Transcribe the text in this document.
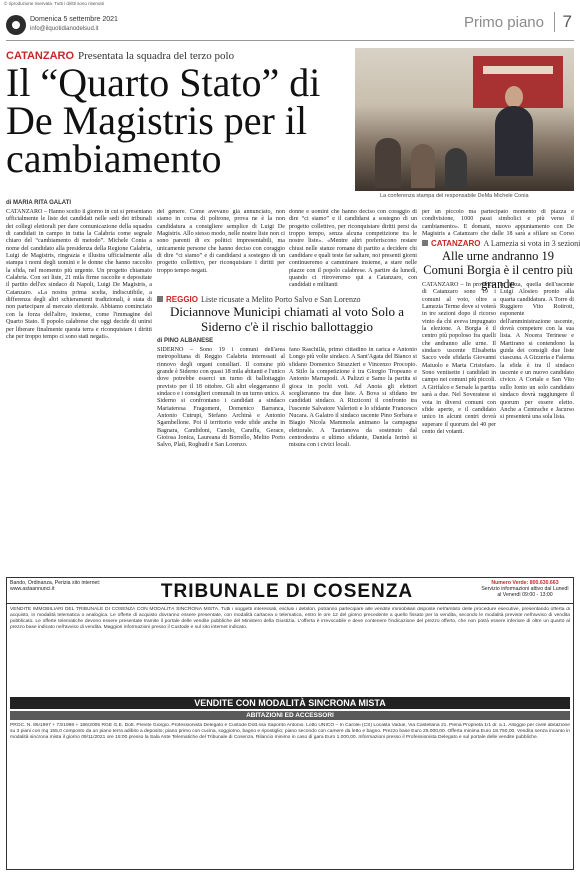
© riproduzione riservata. Tutti i diritti sono riservati
Domenica 5 settembre 2021
info@ilquotidianodelsud.it	Primo piano	7
CATANZARO Presentata la squadra del terzo polo
Il “Quarto Stato” di De Magistris per il cambiamento
La conferenza stampa del responsabile DeMa Michele Conia
di MARIA RITA GALATI
CATANZARO – Hanno scelto il giorno in cui si presentano ufficialmente le liste dei candidati nelle sedi dei tribunali dei collegi elettorali per dare comunicazione della squadra di candidati in campo in tutta la Calabria come segnale chiaro del “cambiamento di metodo”. Michele Conia a nome del candidato alla presidenza della Regione Calabria, Luigi de Magistris, ringrazia e illustra ufficialmente alla stampa i nomi degli uomini e le donne che hanno raccolto la sfida, nel momento più urgente. Un progetto chiamato Calabria. Con sei liste, 21 mila firme raccolte e depositate il partito dell'ex sindaco di Napoli, Luigi De Magistris, a Catanzaro. «La nostra prima scelta, indiscutibile, a differenza degli altri schieramenti tradizionali, è stata di non partecipare al mercato elettorale. Abbiamo cominciato con la forza dell'altro, insieme, come l'immagine del Quarto Stato. Il popolo calabrese che oggi decide di unirsi per liberare finalmente questa terra e riconquistare i diritti che per troppo tempo ci sono stati negati».
del genere. Come avevano già annunciato, non siamo in corsa di poltrone, prova ne è la non candidatura a consigliere semplice di Luigi De Magistris. Allo stesso modo, nelle nostre liste non ci sono parenti di ex politici impresentabili, ma unicamente persone che hanno deciso con coraggio di dire “ci siamo” e di candidarsi a sostegno di un progetto collettivo, per riconquistare i diritti per troppo tempo negati.
donne e uomini che hanno deciso con coraggio di dire “ci siamo” e il candidarsi a sostegno di un progetto collettivo, per riconquistare diritti persi da troppo tempo, senza alcuna competizione tra le nostre liste». «Mentre altri preferiscono restare chiusi nelle stanze romane di partito a decidere chi candidare e quali teste far saltare, noi presenti giorni continueremo a camminare insieme, a stare nelle piazze con il popolo calabrese. A partire da lunedì, quando ci ritroveremo qui a Catanzaro, con candidati e militanti
per un piccolo ma partecipato momento di piazza e condivisione, 1000 passi simbolici e più verso il cambiamento». E domani, nuovo appuntamento con De Magistris a Catanzaro che dalle 18 sarà a sfilare su Corso
REGGIO Liste ricusate a Melito Porto Salvo e San Lorenzo
Diciannove Municipi chiamati al voto Solo a Siderno c'è il rischio ballottaggio
di PINO ALBANESE
SIDERNO – Sono 19 i comuni dell'area metropolitana di Reggio Calabria interessati al rinnovo degli organi consiliari. Il comune più grande è Siderno con quasi 18 mila abitanti e l'unico dove potrebbe esserci un turno di ballottaggio previsto per il 18 ottobre. Gli altri eleggeranno il sindaco e i consiglieri comunali in un turno unico. A Siderno si confrontano i candidati a sindaco Mariateresa Fragomeni, Domenico Barranca, Antonio Cutrupi, Stefano Archinà e Antonio Sgambellone. Poi il territorio vede sfide anche in Bagnara, Candidoni, Canolo, Caraffa, Gerace, Gioiosa Jonica, Laureana di Borrello, Melito Porto Salvo, Platì, Roghudi e San Lorenzo.
fano Raschillà, primo cittadino in carica e Antonio Longo più volte sindaco. A Sant'Agata del Bianco si sfidano Domenico Strazzieri e Vincenzo Procopio. A Stilo la competizione è tra Giorgio Tropeano e Antonio Marrapodi. A Palizzi e Samo la partita si gioca in pochi voti. Ad Anoia gli elettori sceglieranno tra due liste. A Bova si sfidano tre candidati sindaco. A Rizziconi il confronto tra l'uscente Salvatore Valerioti e lo sfidante Francesco Nucara. A Galatro il sindaco uscente Pino Sorbara e Biagio Nicola Mammola animano la campagna elettorale. A Taurianova da sostenuto dal centrodestra e ultimo sfidante, Daniela Ierinò si misura con i civici locali.
CATANZARO A Lamezia si vota in 3 sezioni
Alle urne andranno 19 Comuni Borgia è il centro più grande
CATANZARO – In provincia di Catanzaro sono 19 i comuni al voto, oltre a Lamezia Terme dove si voterà in tre sezioni dopo il ricorso vinto da chi aveva impugnato la elezione. A Borgia è il centro più popoloso fra quelli che andranno alle urne. Il sindaco uscente Elisabetta Sacco vede sfidarla Giovanni Maiuolo e Marta Cristofaro. Sono ventisette i candidati in campo nei comuni più piccoli. A Girifalco e Sersale la partita sarà a due. Nel Soveratese si vota in diversi comuni con sfide aperte, e il candidato unico in alcuni centri dovrà superare il quorum del 40 per cento dei votanti.
in lizza, quella dell'uscente Luigi Alosieo pronto alla quarta candidatura. A Torre di Ruggiero Vito Rotiroti, esponente dell'amministrazione uscente, dovrà competere con la sua lista. A Nocera Terinese e Martirano si contendono la guida dei consigli due liste ciascuna. A Gizzeria e Falerna la sfida è tra il sindaco uscente e un nuovo candidato civico. A Cortale e San Vito sullo Ionio un solo candidato sindaco dovrà raggiungere il quorum per essere eletto. Anche a Centrache e Jacurso si presenterà una sola lista.
Bando, Ordinanza, Perizia sito internet: www.astaannunci.it	TRIBUNALE DI COSENZA	Numero Verde: 800.630.663
Servizio informazioni attivo dal Lunedì al Venerdì 09:00 - 13:00
VENDITE IMMOBILIARI DEL TRIBUNALE DI COSENZA CON MODALITÀ SINCRONA MISTA. Tutti i soggetti interessati, esclusi i debitori, potranno partecipare alle vendite immobiliari disposte nell'ambito delle procedure esecutive, presentando offerta di acquisto, in modalità telematica o analogica. Le offerte di acquisto dovranno essere presentate, con modalità cartacea o telematica, entro le ore 12 del giorno precedente a quello fissato per la vendita, secondo le modalità previste nell'avviso di vendita pubblicato. Le offerte telematiche devono essere presentate tramite il portale delle vendite pubbliche del Ministero della Giustizia. L'offerta è irrevocabile e deve contenere l'indicazione del prezzo offerto, che non potrà essere inferiore di oltre un quarto al prezzo base indicato nell'avviso di vendita. Maggiori informazioni presso il Custode e sul sito internet indicato.
VENDITE CON MODALITÀ SINCRONA MISTA
ABITAZIONI ED ACCESSORI
PROC. N. 86/1997 + 73/1998 + 186/2005 RGE G.E. Dott. Previte Giorgio. Professionista Delegato e Custode Dott.ssa Saporito Antonio. Lotto UNICO – In Carolei (CS) Località Vadue, Via Castellana 21. Piena Proprietà 1/1 di: a.1. Alloggio per civile abitazione su 3 piani con mq 155,0 composto da un piano terra adibito a deposito; piano primo con cucina, soggiorno, bagno e ripostiglio; piano secondo con camere da letto e bagno. Prezzo base Euro 25.000,00. Offerta minima Euro 18.750,00. Vendita senza incanto in modalità sincrona mista il giorno 09/11/2021 ore 15:00 presso la Sala Aste Telematiche del Tribunale di Cosenza. Rilancio minimo in caso di gara Euro 1.000,00. Informazioni presso il Professionista Delegato e sul portale delle vendite pubbliche.
